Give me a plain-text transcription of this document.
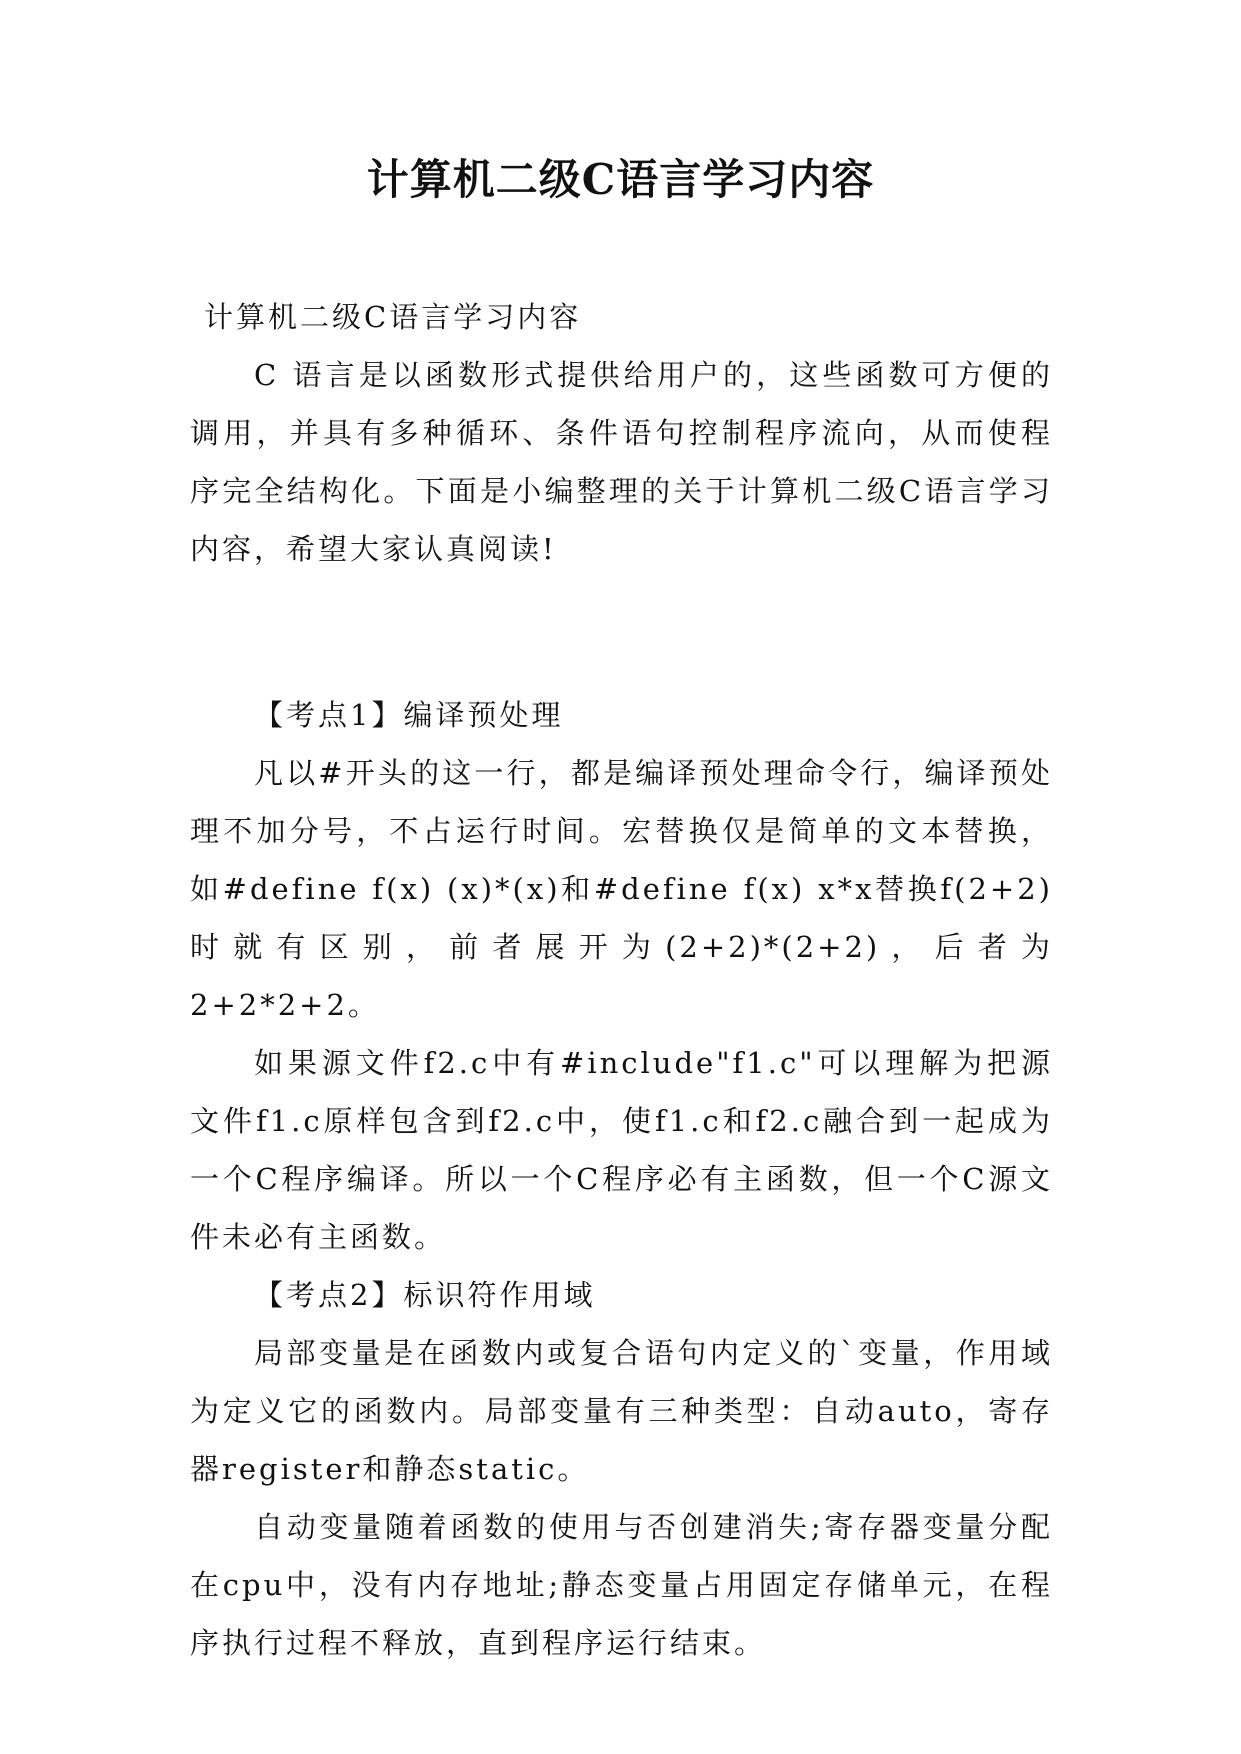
计算机二级C语言学习内容

计算机二级C语言学习内容

C 语言是以函数形式提供给用户的，这些函数可方便的调用，并具有多种循环、条件语句控制程序流向，从而使程序完全结构化。下面是小编整理的关于计算机二级C语言学习内容，希望大家认真阅读!

【考点1】编译预处理

凡以#开头的这一行，都是编译预处理命令行，编译预处理不加分号，不占运行时间。宏替换仅是简单的文本替换，如#define f(x) (x)*(x)和#define f(x) x*x替换f(2+2)时就有区别，前者展开为(2+2)*(2+2)，后者为2+2*2+2。

如果源文件f2.c中有#include"f1.c"可以理解为把源文件f1.c原样包含到f2.c中，使f1.c和f2.c融合到一起成为一个C程序编译。所以一个C程序必有主函数，但一个C源文件未必有主函数。

【考点2】标识符作用域

局部变量是在函数内或复合语句内定义的`变量，作用域为定义它的函数内。局部变量有三种类型：自动auto，寄存器register和静态static。

自动变量随着函数的使用与否创建消失;寄存器变量分配在cpu中，没有内存地址;静态变量占用固定存储单元，在程序执行过程不释放，直到程序运行结束。
